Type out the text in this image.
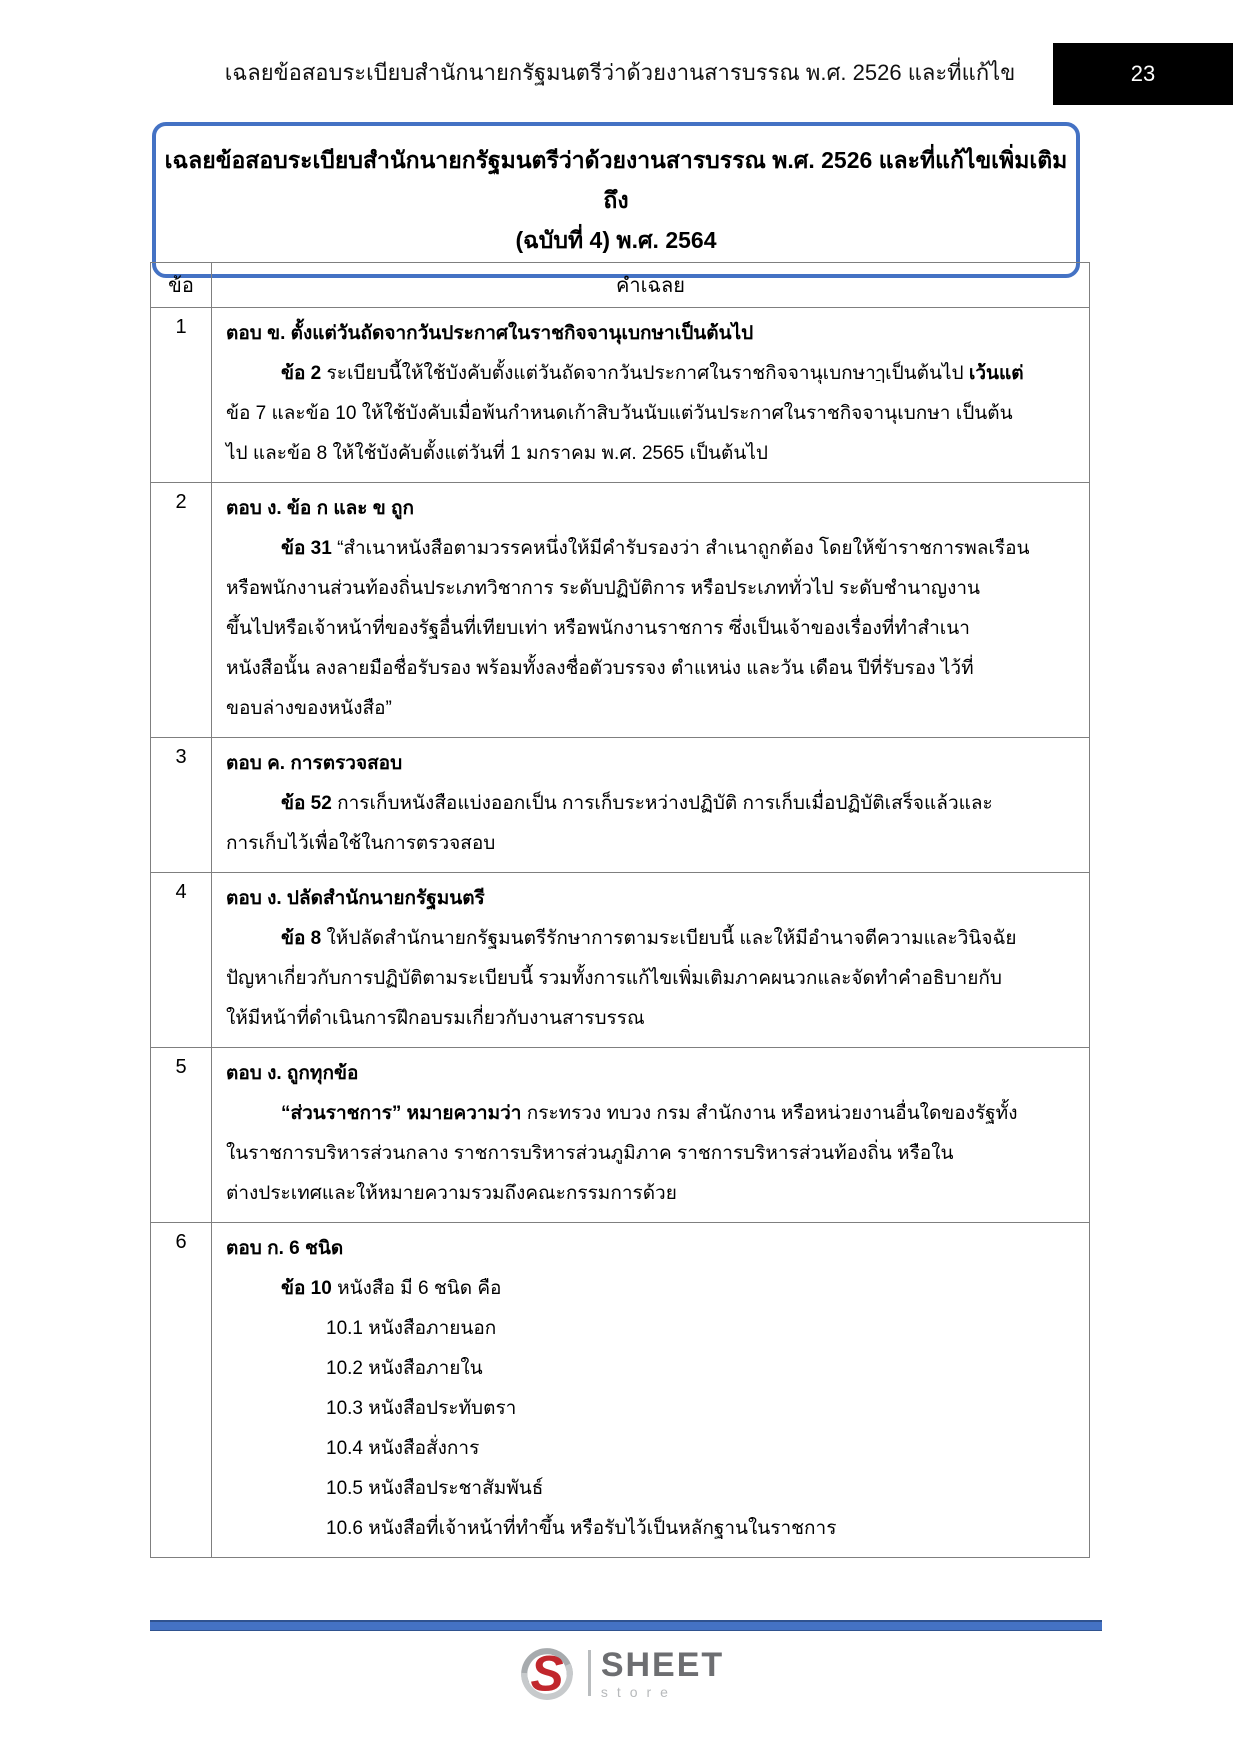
เฉลยข้อสอบระเบียบสำนักนายกรัฐมนตรีว่าด้วยงานสารบรรณ พ.ศ. 2526 และที่แก้ไข	23
เฉลยข้อสอบระเบียบสำนักนายกรัฐมนตรีว่าด้วยงานสารบรรณ พ.ศ. 2526 และที่แก้ไขเพิ่มเติมถึง
(ฉบับที่ 4) พ.ศ. 2564
ข้อ	คำเฉลย
1	ตอบ ข. ตั้งแต่วันถัดจากวันประกาศในราชกิจจานุเบกษาเป็นต้นไป
ข้อ 2 ระเบียบนี้ให้ใช้บังคับตั้งแต่วันถัดจากวันประกาศในราชกิจจานุเบกษาๅเป็นต้นไป เว้นแต่
ข้อ 7 และข้อ 10 ให้ใช้บังคับเมื่อพ้นกำหนดเก้าสิบวันนับแต่วันประกาศในราชกิจจานุเบกษา เป็นต้น
ไป และข้อ 8 ให้ใช้บังคับตั้งแต่วันที่ 1 มกราคม พ.ศ. 2565 เป็นต้นไป

2	ตอบ ง. ข้อ ก และ ข ถูก
ข้อ 31 “สำเนาหนังสือตามวรรคหนึ่งให้มีคำรับรองว่า สำเนาถูกต้อง โดยให้ข้าราชการพลเรือน
หรือพนักงานส่วนท้องถิ่นประเภทวิชาการ ระดับปฏิบัติการ หรือประเภททั่วไป ระดับชำนาญงาน
ขึ้นไปหรือเจ้าหน้าที่ของรัฐอื่นที่เทียบเท่า หรือพนักงานราชการ ซึ่งเป็นเจ้าของเรื่องที่ทำสำเนา
หนังสือนั้น ลงลายมือชื่อรับรอง พร้อมทั้งลงชื่อตัวบรรจง ตำแหน่ง และวัน เดือน ปีที่รับรอง ไว้ที่
ขอบล่างของหนังสือ”

3	ตอบ ค. การตรวจสอบ
ข้อ 52 การเก็บหนังสือแบ่งออกเป็น การเก็บระหว่างปฏิบัติ การเก็บเมื่อปฏิบัติเสร็จแล้วและ
การเก็บไว้เพื่อใช้ในการตรวจสอบ

4	ตอบ ง. ปลัดสำนักนายกรัฐมนตรี
ข้อ 8 ให้ปลัดสำนักนายกรัฐมนตรีรักษาการตามระเบียบนี้ และให้มีอำนาจตีความและวินิจฉัย
ปัญหาเกี่ยวกับการปฏิบัติตามระเบียบนี้ รวมทั้งการแก้ไขเพิ่มเติมภาคผนวกและจัดทำคำอธิบายกับ
ให้มีหน้าที่ดำเนินการฝึกอบรมเกี่ยวกับงานสารบรรณ

5	ตอบ ง. ถูกทุกข้อ
“ส่วนราชการ” หมายความว่า กระทรวง ทบวง กรม สำนักงาน หรือหน่วยงานอื่นใดของรัฐทั้ง
ในราชการบริหารส่วนกลาง ราชการบริหารส่วนภูมิภาค ราชการบริหารส่วนท้องถิ่น หรือใน
ต่างประเทศและให้หมายความรวมถึงคณะกรรมการด้วย

6	ตอบ ก. 6 ชนิด
ข้อ 10 หนังสือ มี 6 ชนิด คือ
10.1 หนังสือภายนอก
10.2 หนังสือภายใน
10.3 หนังสือประทับตรา
10.4 หนังสือสั่งการ
10.5 หนังสือประชาสัมพันธ์
10.6 หนังสือที่เจ้าหน้าที่ทำขึ้น หรือรับไว้เป็นหลักฐานในราชการ
S SHEET
store
